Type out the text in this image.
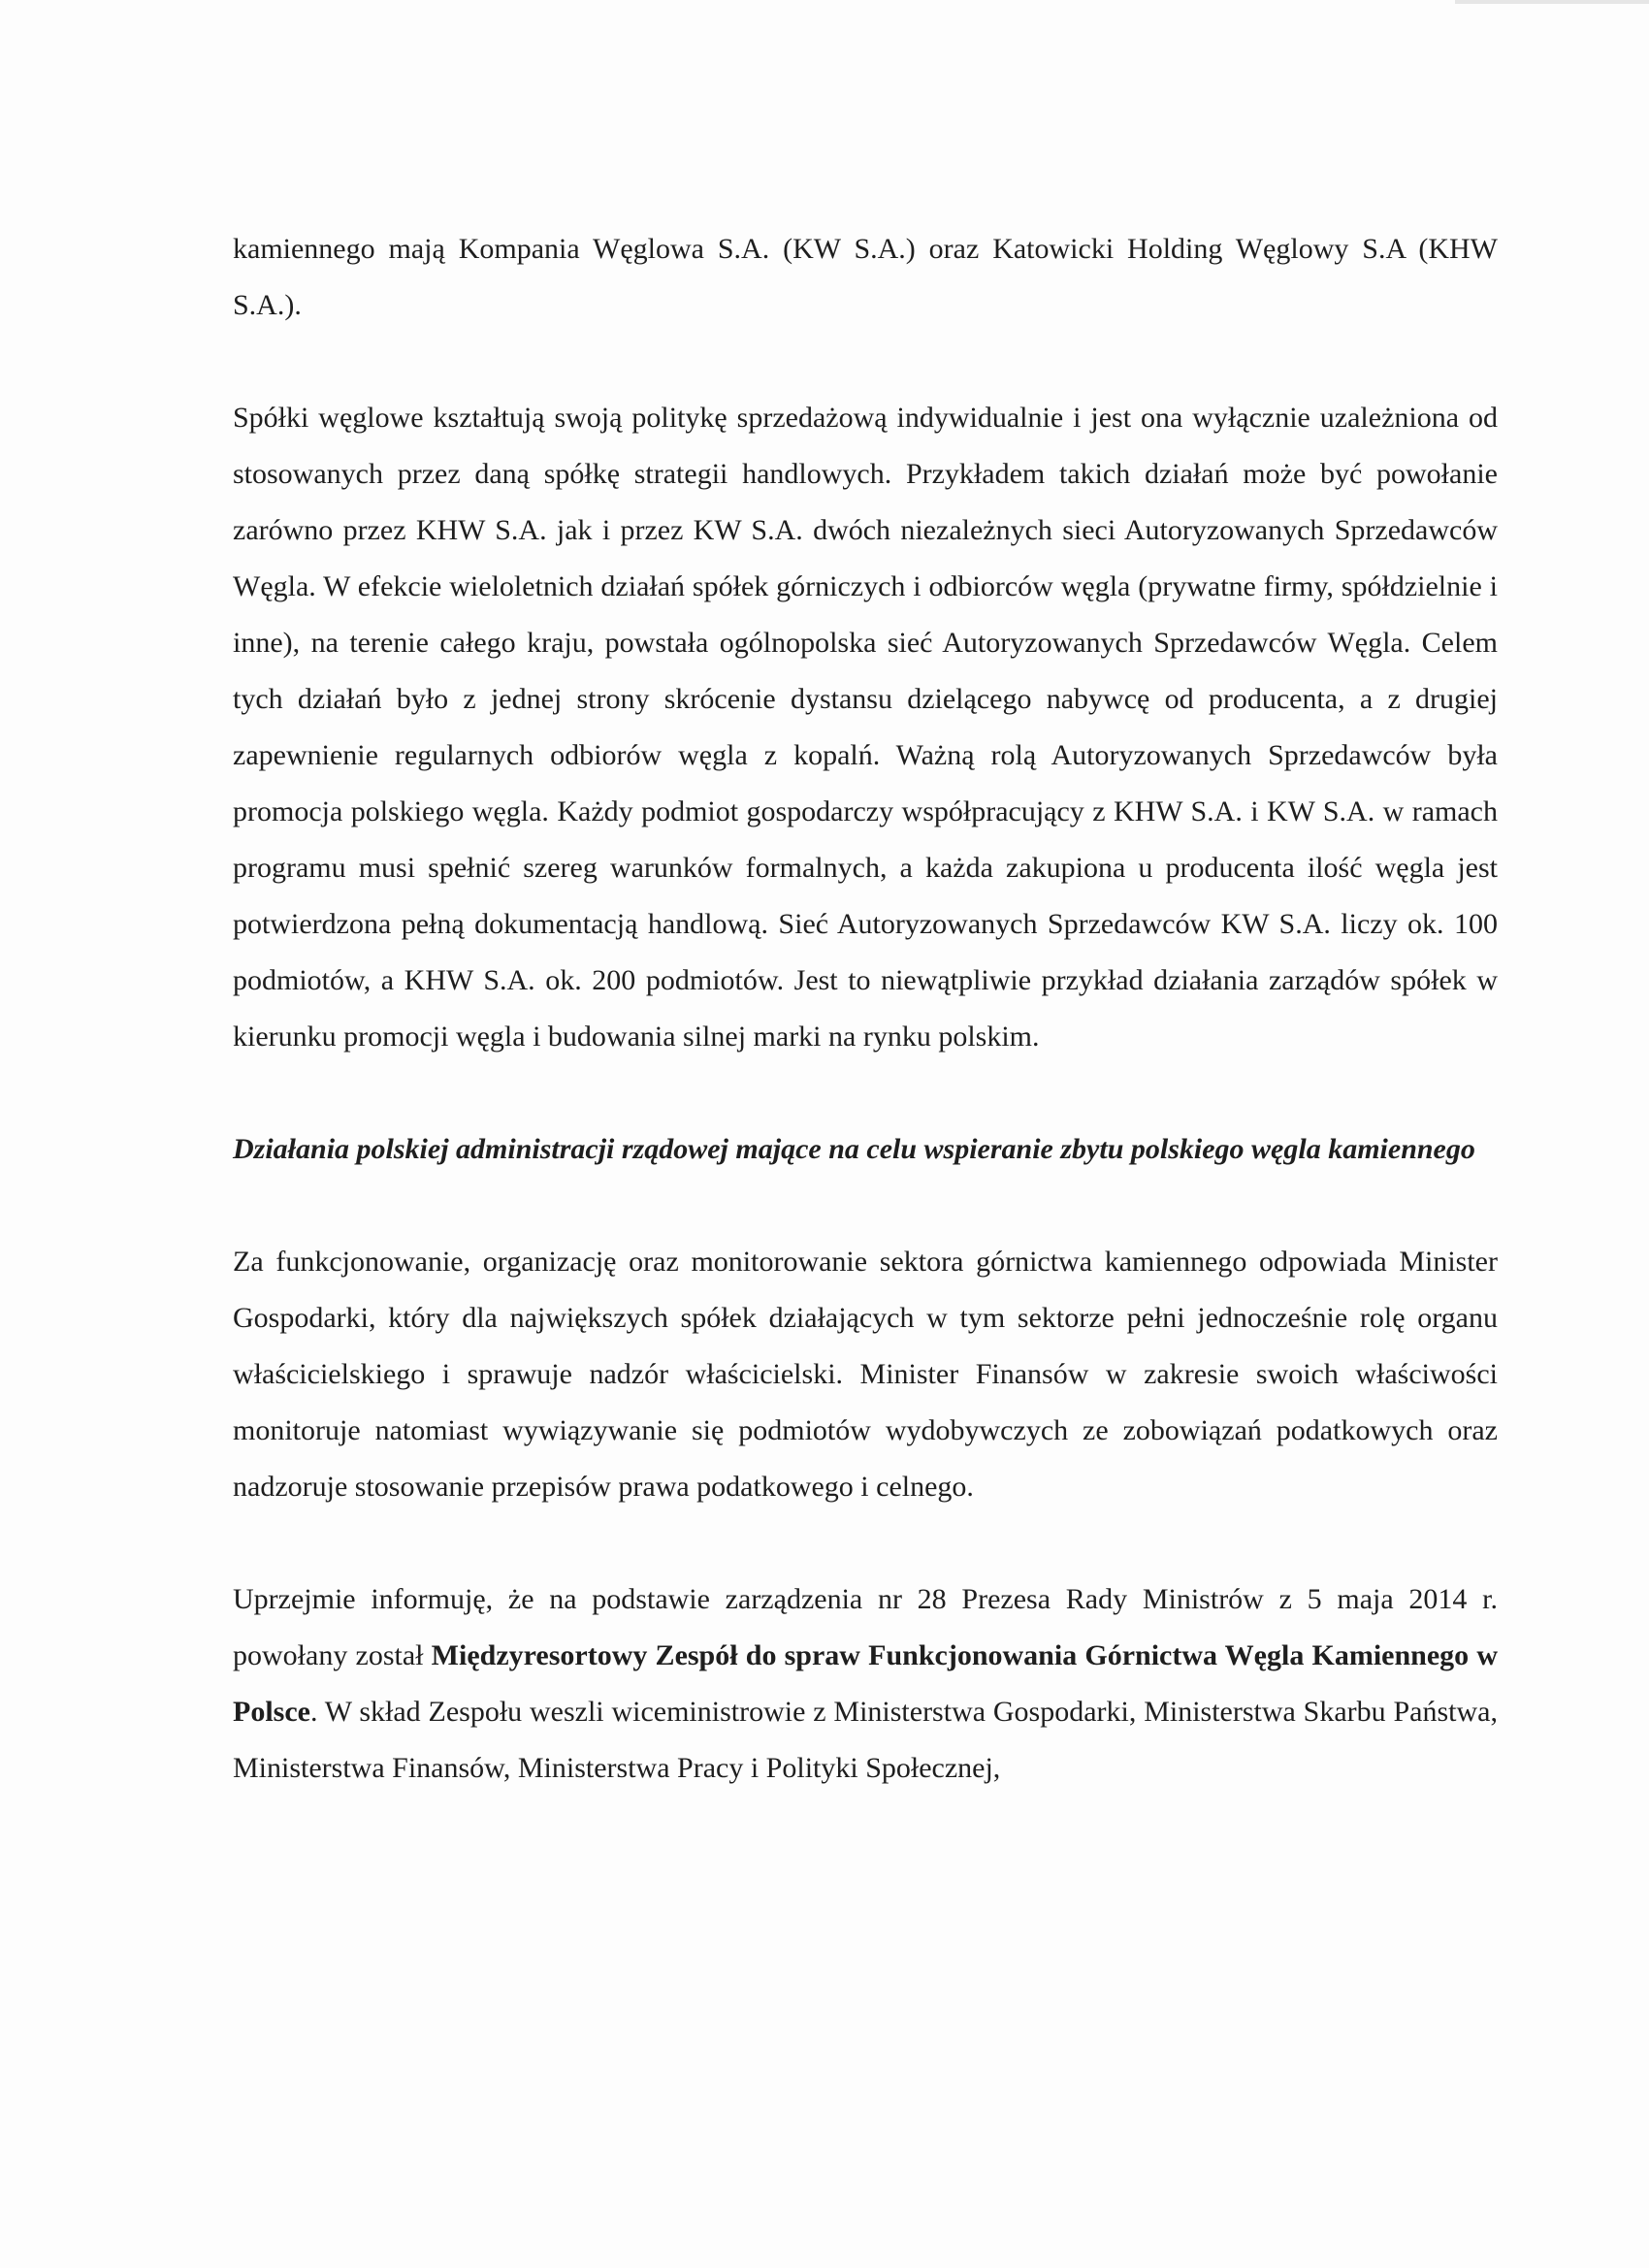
kamiennego mają Kompania Węglowa S.A. (KW S.A.) oraz Katowicki Holding Węglowy S.A (KHW S.A.).

Spółki węglowe kształtują swoją politykę sprzedażową indywidualnie i jest ona wyłącznie uzależniona od stosowanych przez daną spółkę strategii handlowych. Przykładem takich działań może być powołanie zarówno przez KHW S.A. jak i przez KW S.A. dwóch niezależnych sieci Autoryzowanych Sprzedawców Węgla. W efekcie wieloletnich działań spółek górniczych i odbiorców węgla (prywatne firmy, spółdzielnie i inne), na terenie całego kraju, powstała ogólnopolska sieć Autoryzowanych Sprzedawców Węgla. Celem tych działań było z jednej strony skrócenie dystansu dzielącego nabywcę od producenta, a z drugiej zapewnienie regularnych odbiorów węgla z kopalń. Ważną rolą Autoryzowanych Sprzedawców była promocja polskiego węgla. Każdy podmiot gospodarczy współpracujący z KHW S.A. i KW S.A. w ramach programu musi spełnić szereg warunków formalnych, a każda zakupiona u producenta ilość węgla jest potwierdzona pełną dokumentacją handlową. Sieć Autoryzowanych Sprzedawców KW S.A. liczy ok. 100 podmiotów, a KHW S.A. ok. 200 podmiotów. Jest to niewątpliwie przykład działania zarządów spółek w kierunku promocji węgla i budowania silnej marki na rynku polskim.

Działania polskiej administracji rządowej mające na celu wspieranie zbytu polskiego węgla kamiennego

Za funkcjonowanie, organizację oraz monitorowanie sektora górnictwa kamiennego odpowiada Minister Gospodarki, który dla największych spółek działających w tym sektorze pełni jednocześnie rolę organu właścicielskiego i sprawuje nadzór właścicielski. Minister Finansów w zakresie swoich właściwości monitoruje natomiast wywiązywanie się podmiotów wydobywczych ze zobowiązań podatkowych oraz nadzoruje stosowanie przepisów prawa podatkowego i celnego.

Uprzejmie informuję, że na podstawie zarządzenia nr 28 Prezesa Rady Ministrów z 5 maja 2014 r. powołany został Międzyresortowy Zespół do spraw Funkcjonowania Górnictwa Węgla Kamiennego w Polsce. W skład Zespołu weszli wiceministrowie z Ministerstwa Gospodarki, Ministerstwa Skarbu Państwa, Ministerstwa Finansów, Ministerstwa Pracy i Polityki Społecznej,
